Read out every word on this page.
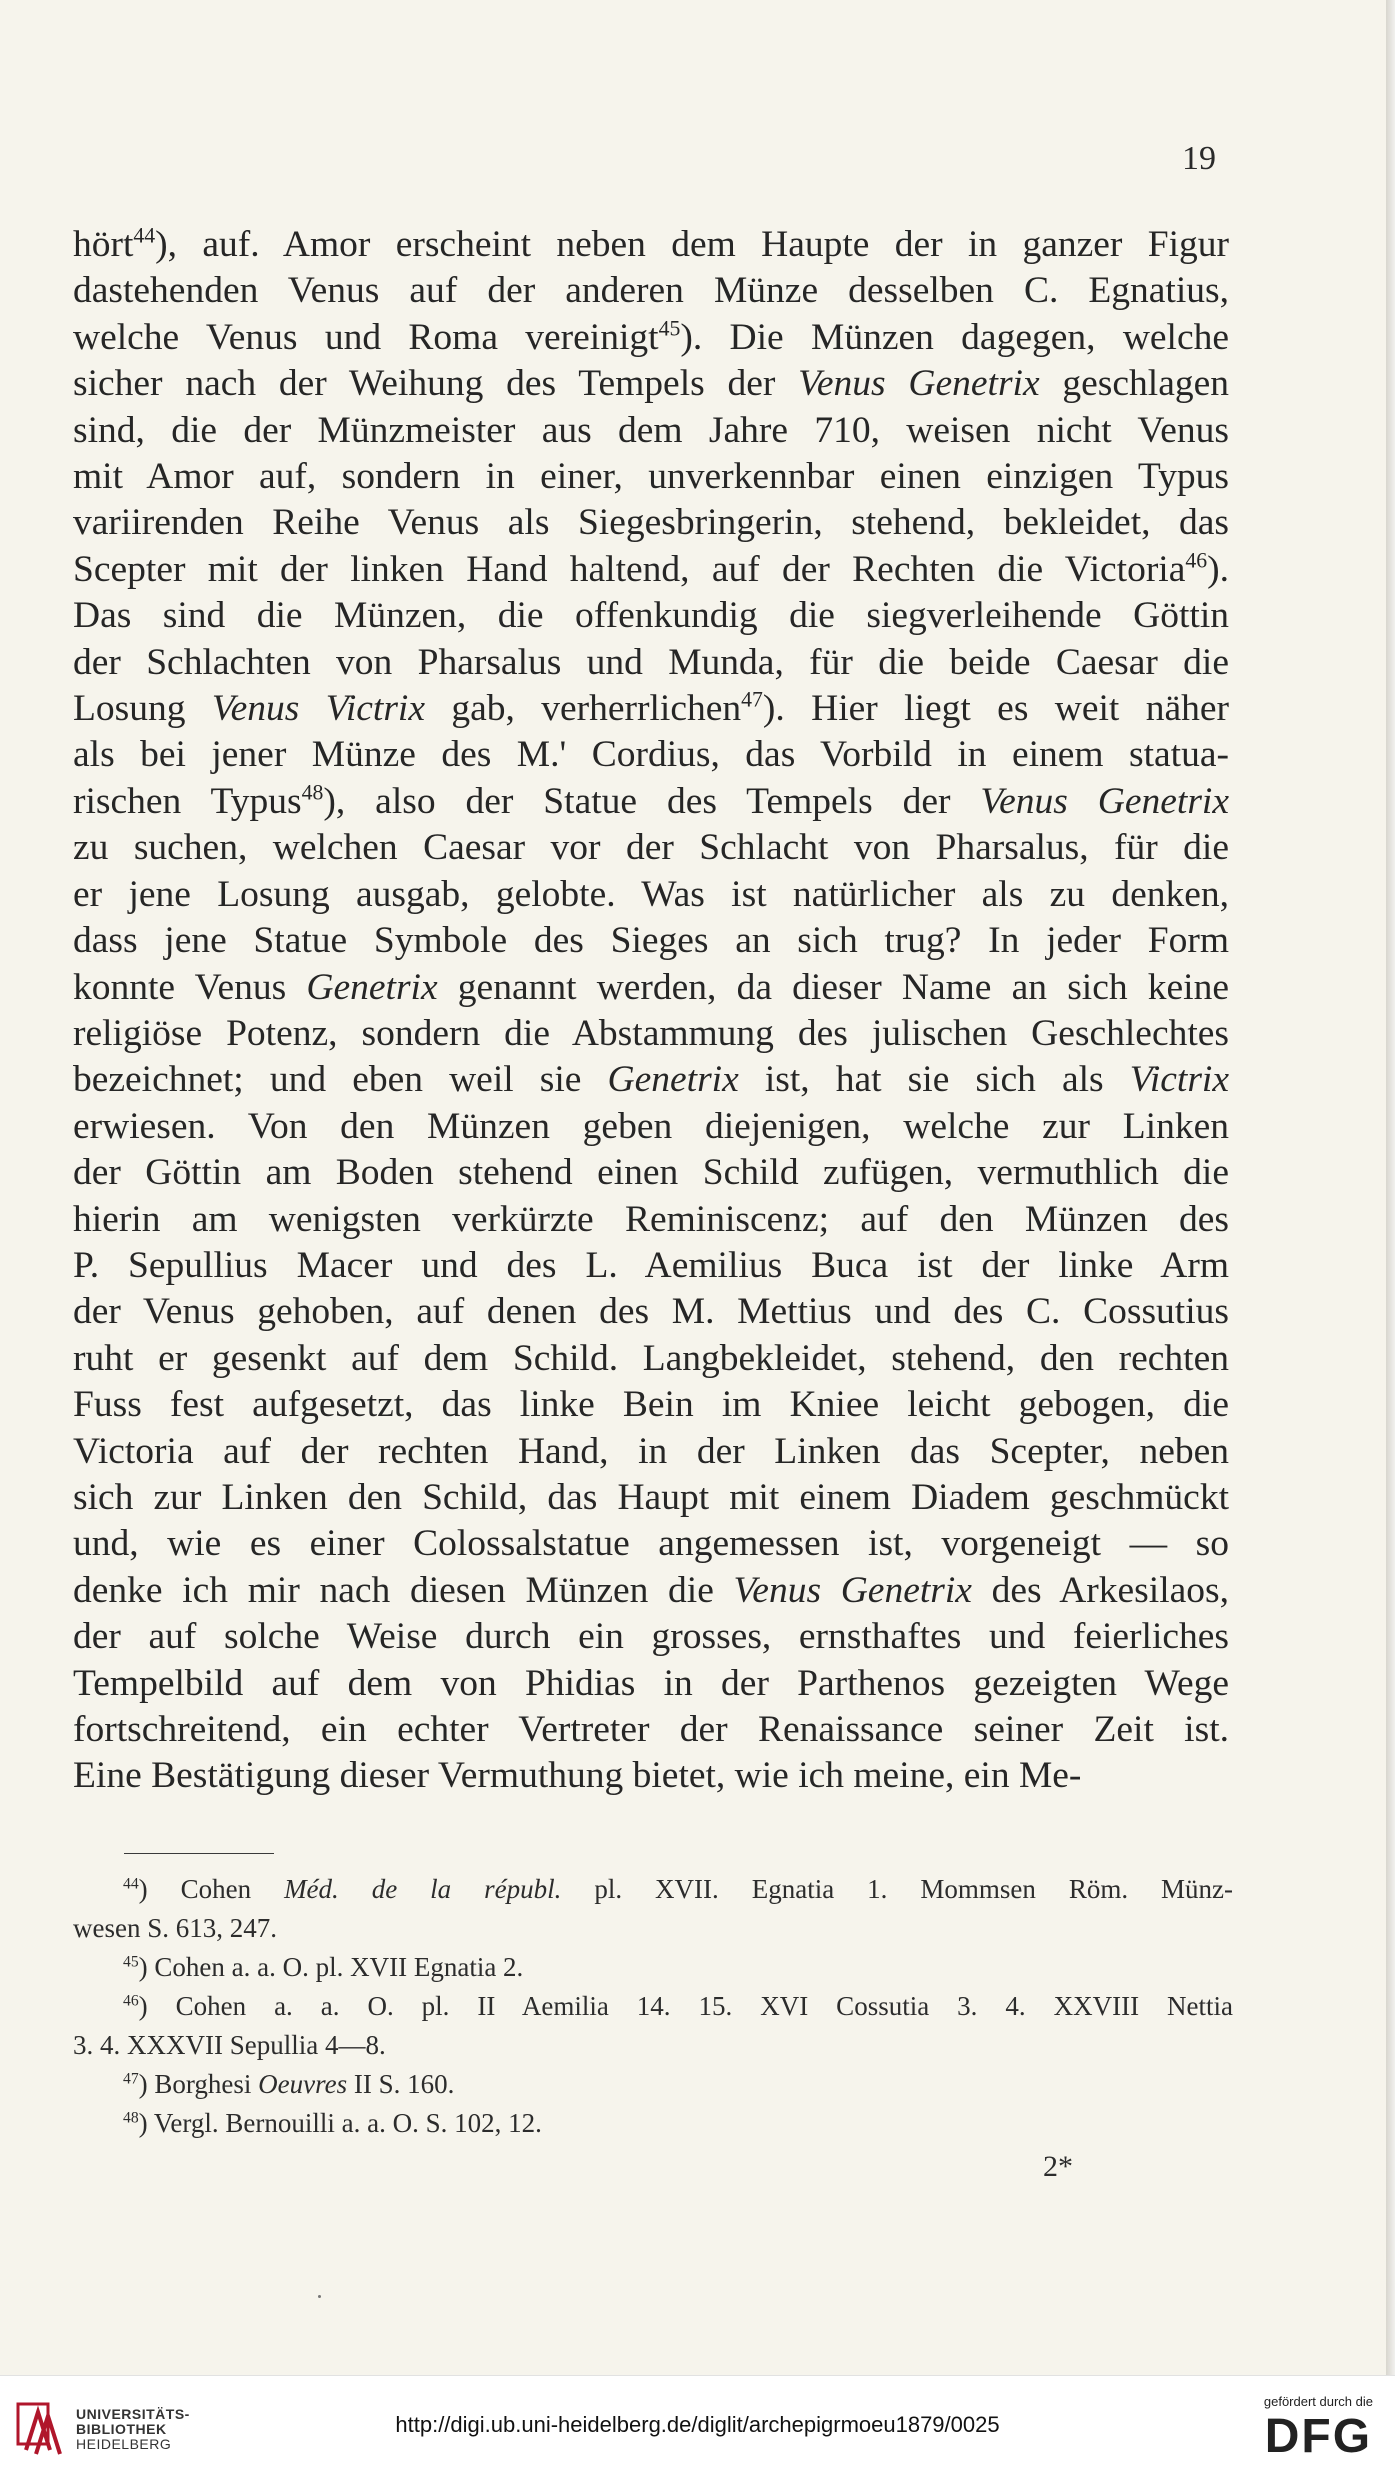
19
hört$^{44}$), auf. Amor erscheint neben dem Haupte der in ganzer Figur
dastehenden Venus auf der anderen Münze desselben C. Egnatius,
welche Venus und Roma vereinigt$^{45}$). Die Münzen dagegen, welche
sicher nach der Weihung des Tempels der Venus Genetrix geschlagen
sind, die der Münzmeister aus dem Jahre 710, weisen nicht Venus
mit Amor auf, sondern in einer, unverkennbar einen einzigen Typus
variirenden Reihe Venus als Siegesbringerin, stehend, bekleidet, das
Scepter mit der linken Hand haltend, auf der Rechten die Victoria$^{46}$).
Das sind die Münzen, die offenkundig die siegverleihende Göttin
der Schlachten von Pharsalus und Munda, für die beide Caesar die
Losung Venus Victrix gab, verherrlichen$^{47}$). Hier liegt es weit näher
als bei jener Münze des M.' Cordius, das Vorbild in einem statua-
rischen Typus$^{48}$), also der Statue des Tempels der Venus Genetrix
zu suchen, welchen Caesar vor der Schlacht von Pharsalus, für die
er jene Losung ausgab, gelobte. Was ist natürlicher als zu denken,
dass jene Statue Symbole des Sieges an sich trug? In jeder Form
konnte Venus Genetrix genannt werden, da dieser Name an sich keine
religiöse Potenz, sondern die Abstammung des julischen Geschlechtes
bezeichnet; und eben weil sie Genetrix ist, hat sie sich als Victrix
erwiesen. Von den Münzen geben diejenigen, welche zur Linken
der Göttin am Boden stehend einen Schild zufügen, vermuthlich die
hierin am wenigsten verkürzte Reminiscenz; auf den Münzen des
P. Sepullius Macer und des L. Aemilius Buca ist der linke Arm
der Venus gehoben, auf denen des M. Mettius und des C. Cossutius
ruht er gesenkt auf dem Schild. Langbekleidet, stehend, den rechten
Fuss fest aufgesetzt, das linke Bein im Kniee leicht gebogen, die
Victoria auf der rechten Hand, in der Linken das Scepter, neben
sich zur Linken den Schild, das Haupt mit einem Diadem geschmückt
und, wie es einer Colossalstatue angemessen ist, vorgeneigt — so
denke ich mir nach diesen Münzen die Venus Genetrix des Arkesilaos,
der auf solche Weise durch ein grosses, ernsthaftes und feierliches
Tempelbild auf dem von Phidias in der Parthenos gezeigten Wege
fortschreitend, ein echter Vertreter der Renaissance seiner Zeit ist.
Eine Bestätigung dieser Vermuthung bietet, wie ich meine, ein Me-
$^{44}$) Cohen Méd. de la républ. pl. XVII. Egnatia 1. Mommsen Röm. Münz-
wesen S. 613, 247.
$^{45}$) Cohen a. a. O. pl. XVII Egnatia 2.
$^{46}$) Cohen a. a. O. pl. II Aemilia 14. 15. XVI Cossutia 3. 4. XXVIII Nettia
3. 4. XXXVII Sepullia 4—8.
$^{47}$) Borghesi Oeuvres II S. 160.
$^{48}$) Vergl. Bernouilli a. a. O. S. 102, 12.
2*
UNIVERSITÄTS-
BIBLIOTHEK
HEIDELBERG
http://digi.ub.uni-heidelberg.de/diglit/archepigrmoeu1879/0025
gefördert durch die
DFG
